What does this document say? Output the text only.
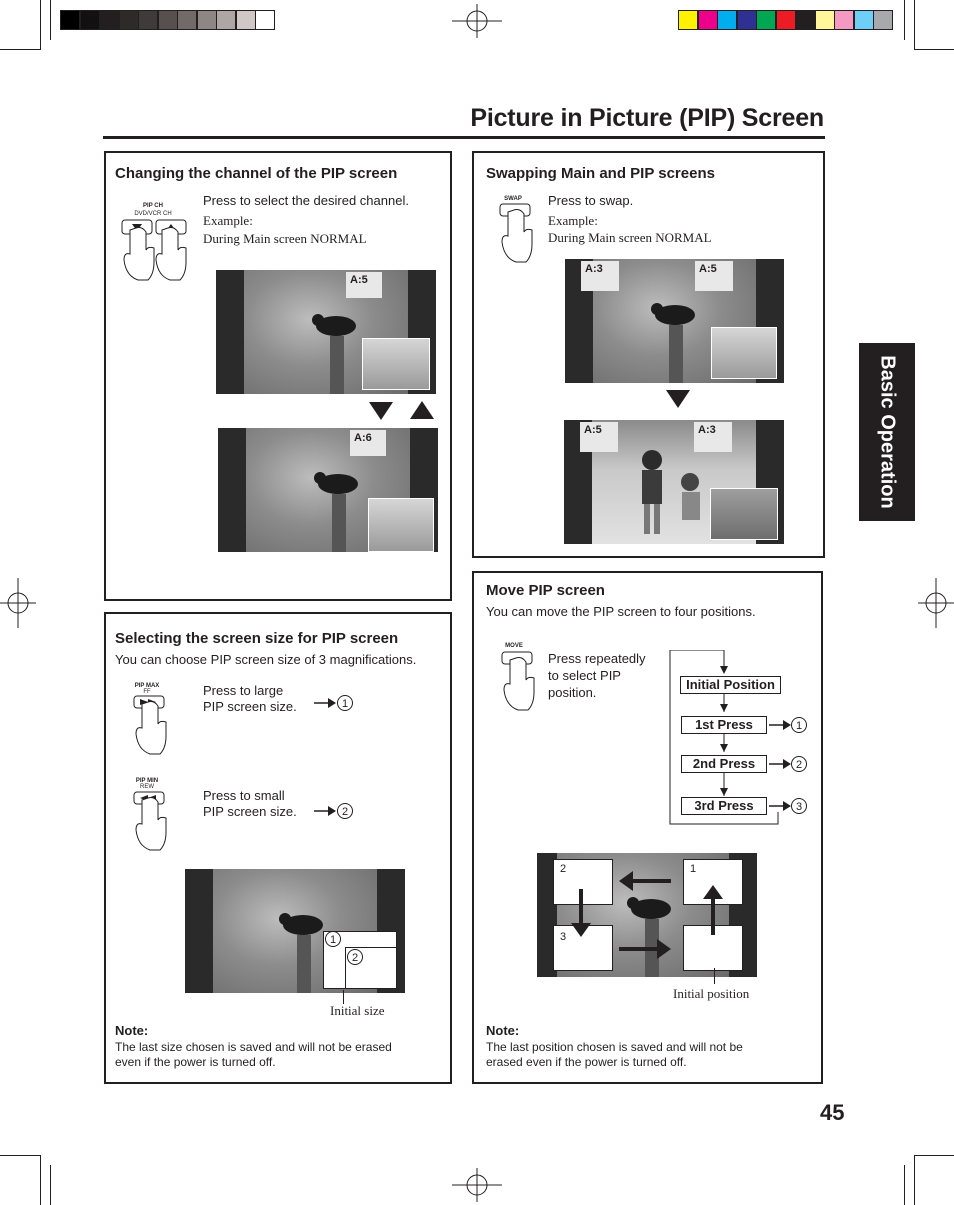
Picture in Picture (PIP) Screen
Basic Operation
Changing the channel of the PIP screen
PIP CH
DVD/VCR CH
Press to select the desired channel.
Example:
During Main screen NORMAL
A:5
A:6
Swapping Main and PIP screens
SWAP	Press to swap.
Example:
During Main screen NORMAL
A:3	A:5
A:5	A:3
Selecting the screen size for PIP screen
You can choose PIP screen size of 3 magnifications.
PIP MAX
FF	Press to large
PIP screen size.	1
PIP MIN
REW
Press to small
PIP screen size.	2
1
2
Initial size
Note:
The last size chosen is saved and will not be erased
even if the power is turned off.
Move PIP screen
You can move the PIP screen to four positions.
MOVE
Press repeatedly
to select PIP
position.
Initial Position
1st Press	1
2nd Press	2
3rd Press	3
2	1
3
Initial position
Note:
The last position chosen is saved and will not be
erased even if the power is turned off.
45
